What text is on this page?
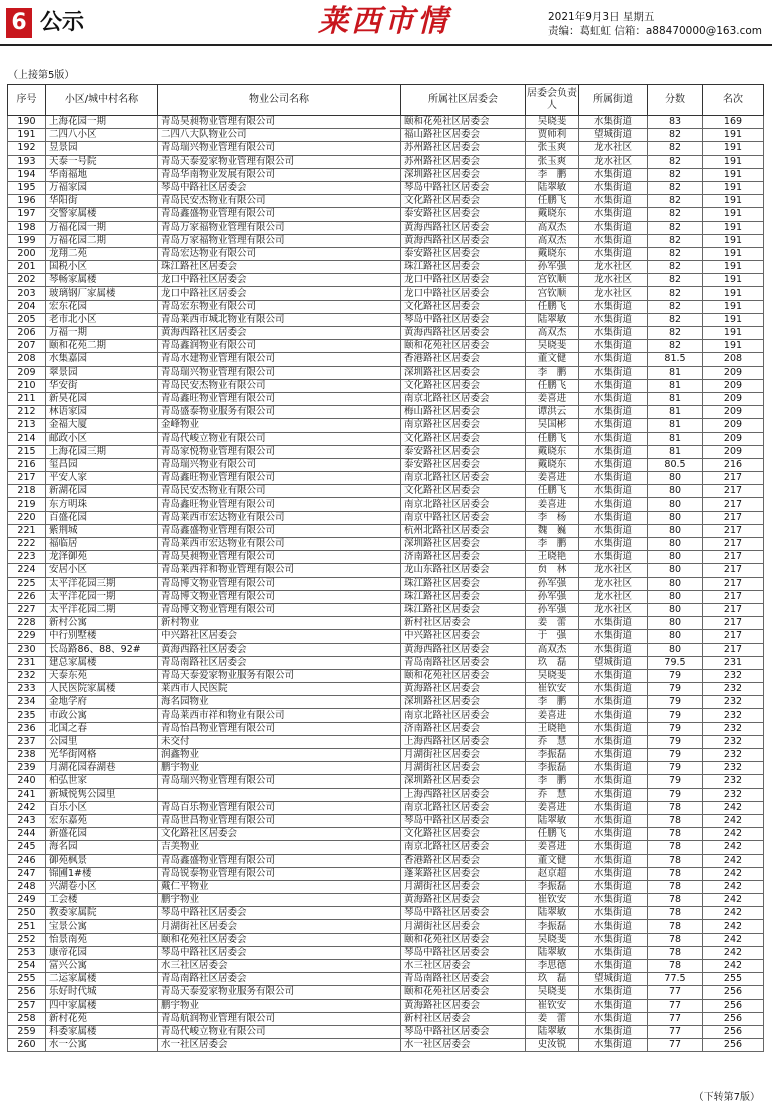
6 公示	莱西市情	2021年9月3日 星期五
责编：葛虹虹 信箱：a88470000@163.com
（上接第5版）
序号	小区/城中村名称	物业公司名称	所属社区居委会	居委会负责人	所属街道	分数	名次
190	上海花园一期	青岛昊昶物业管理有限公司	颐和花苑社区居委会	吴晓斐	水集街道	83	169
191	二四八小区	二四八大队物业公司	福山路社区居委会	贾师利	望城街道	82	191
192	昱景园	青岛瑞兴物业管理有限公司	苏州路社区居委会	张玉爽	龙水社区	82	191
193	天泰一号院	青岛天泰爱家物业管理有限公司	苏州路社区居委会	张玉爽	龙水社区	82	191
194	华南福地	青岛华南物业发展有限公司	深圳路社区居委会	李　鹏	水集街道	82	191
195	万福家园	琴岛中路社区居委会	琴岛中路社区居委会	陆翠敏	水集街道	82	191
196	华阳街	青岛民安杰物业有限公司	文化路社区居委会	任鹏飞	水集街道	82	191
197	交警家属楼	青岛鑫盛物业管理有限公司	泰安路社区居委会	戴晓东	水集街道	82	191
198	万福花园一期	青岛万家福物业管理有限公司	黄海西路社区居委会	高双杰	水集街道	82	191
199	万福花园二期	青岛万家福物业管理有限公司	黄海西路社区居委会	高双杰	水集街道	82	191
200	龙翔二苑	青岛宏达物业有限公司	泰安路社区居委会	戴晓东	水集街道	82	191
201	国税小区	珠江路社区居委会	珠江路社区居委会	孙军强	龙水社区	82	191
202	琴畅家属楼	龙口中路社区居委会	龙口中路社区居委会	宫钦顺	龙水社区	82	191
203	玻璃钢厂家属楼	龙口中路社区居委会	龙口中路社区居委会	宫钦顺	龙水社区	82	191
204	宏东花园	青岛宏东物业有限公司	文化路社区居委会	任鹏飞	水集街道	82	191
205	老市北小区	青岛莱西市城北物业有限公司	琴岛中路社区居委会	陆翠敏	水集街道	82	191
206	万福一期	黄海西路社区居委会	黄海西路社区居委会	高双杰	水集街道	82	191
207	颐和花苑二期	青岛鑫润物业有限公司	颐和花苑社区居委会	吴晓斐	水集街道	82	191
208	水集嘉园	青岛水建物业管理有限公司	香港路社区居委会	董文健	水集街道	81.5	208
209	翠景园	青岛瑞兴物业管理有限公司	深圳路社区居委会	李　鹏	水集街道	81	209
210	华安街	青岛民安杰物业有限公司	文化路社区居委会	任鹏飞	水集街道	81	209
211	新昊花园	青岛鑫旺物业管理有限公司	南京北路社区居委会	姜喜进	水集街道	81	209
212	林语家园	青岛盛泰物业服务有限公司	梅山路社区居委会	谭洪云	水集街道	81	209
213	金福大厦	金峰物业	南京路社区居委会	吴国彬	水集街道	81	209
214	邮政小区	青岛代峻立物业有限公司	文化路社区居委会	任鹏飞	水集街道	81	209
215	上海花园三期	青岛家悦物业管理有限公司	泰安路社区居委会	戴晓东	水集街道	81	209
216	玺昌园	青岛瑞兴物业有限公司	泰安路社区居委会	戴晓东	水集街道	80.5	216
217	平安人家	青岛鑫旺物业管理有限公司	南京北路社区居委会	姜喜进	水集街道	80	217
218	新湖花园	青岛民安杰物业有限公司	文化路社区居委会	任鹏飞	水集街道	80	217
219	东方明珠	青岛鑫旺物业管理有限公司	南京北路社区居委会	姜喜进	水集街道	80	217
220	百盛花园	青岛莱西市宏达物业有限公司	南京中路社区居委会	李　杨	水集街道	80	217
221	紫荆城	青岛鑫盛物业管理有限公司	杭州北路社区居委会	魏　巍	水集街道	80	217
222	福临居	青岛莱西市宏达物业有限公司	深圳路社区居委会	李　鹏	水集街道	80	217
223	龙泽御苑	青岛昊昶物业管理有限公司	济南路社区居委会	王晓艳	水集街道	80	217
224	安居小区	青岛莱西祥和物业管理有限公司	龙山东路社区居委会	贠　林	龙水社区	80	217
225	太平洋花园三期	青岛博文物业管理有限公司	珠江路社区居委会	孙军强	龙水社区	80	217
226	太平洋花园一期	青岛博文物业管理有限公司	珠江路社区居委会	孙军强	龙水社区	80	217
227	太平洋花园二期	青岛博文物业管理有限公司	珠江路社区居委会	孙军强	龙水社区	80	217
228	新村公寓	新村物业	新村社区居委会	姜　蕾	水集街道	80	217
229	中行别墅楼	中兴路社区居委会	中兴路社区居委会	于　强	水集街道	80	217
230	长岛路86、88、92#	黄海西路社区居委会	黄海西路社区居委会	高双杰	水集街道	80	217
231	建总家属楼	青岛南路社区居委会	青岛南路社区居委会	玖　磊	望城街道	79.5	231
232	天泰东苑	青岛天泰爱家物业服务有限公司	颐和花苑社区居委会	吴晓斐	水集街道	79	232
233	人民医院家属楼	莱西市人民医院	黄海路社区居委会	崔钦安	水集街道	79	232
234	金地学府	海名园物业	深圳路社区居委会	李　鹏	水集街道	79	232
235	市政公寓	青岛莱西市祥和物业有限公司	南京北路社区居委会	姜喜进	水集街道	79	232
236	北国之春	青岛怡昌物业管理有限公司	济南路社区居委会	王晓艳	水集街道	79	232
237	公园里	未交付	上海西路社区居委会	乔　慧	水集街道	79	232
238	光华街网格	润鑫物业	月湖街社区居委会	李振磊	水集街道	79	232
239	月湖花园春湖巷	鹏宇物业	月湖街社区居委会	李振磊	水集街道	79	232
240	柏弘世家	青岛瑞兴物业管理有限公司	深圳路社区居委会	李　鹏	水集街道	79	232
241	新城悦隽公园里		上海西路社区居委会	乔　慧	水集街道	79	232
242	百乐小区	青岛百乐物业管理有限公司	南京北路社区居委会	姜喜进	水集街道	78	242
243	宏东嘉苑	青岛世昌物业管理有限公司	琴岛中路社区居委会	陆翠敏	水集街道	78	242
244	新盛花园	文化路社区居委会	文化路社区居委会	任鹏飞	水集街道	78	242
245	海名园	吉美物业	南京北路社区居委会	姜喜进	水集街道	78	242
246	御苑枫景	青岛鑫盛物业管理有限公司	香港路社区居委会	董文健	水集街道	78	242
247	锦圃1#楼	青岛锐泰物业管理有限公司	蓬莱路社区居委会	赵京超	水集街道	78	242
248	兴湖卷小区	戴仁平物业	月湖街社区居委会	李振磊	水集街道	78	242
249	工会楼	鹏宇物业	黄海路社区居委会	崔钦安	水集街道	78	242
250	教委家属院	琴岛中路社区居委会	琴岛中路社区居委会	陆翠敏	水集街道	78	242
251	宝景公寓	月湖街社区居委会	月湖街社区居委会	李振磊	水集街道	78	242
252	怡景南苑	颐和花苑社区居委会	颐和花苑社区居委会	吴晓斐	水集街道	78	242
253	康帝花园	琴岛中路社区居委会	琴岛中路社区居委会	陆翠敏	水集街道	78	242
254	富兴公寓	水三社区居委会	水三社区居委会	李思德	水集街道	78	242
255	二运家属楼	青岛南路社区居委会	青岛南路社区居委会	玖　磊	望城街道	77.5	255
256	乐好时代城	青岛天泰爱家物业服务有限公司	颐和花苑社区居委会	吴晓斐	水集街道	77	256
257	四中家属楼	鹏宇物业	黄海路社区居委会	崔钦安	水集街道	77	256
258	新村花苑	青岛航润物业管理有限公司	新村社区居委会	姜　蕾	水集街道	77	256
259	科委家属楼	青岛代峻立物业有限公司	琴岛中路社区居委会	陆翠敏	水集街道	77	256
260	水一公寓	水一社区居委会	水一社区居委会	史汝锐	水集街道	77	256
（下转第7版）
